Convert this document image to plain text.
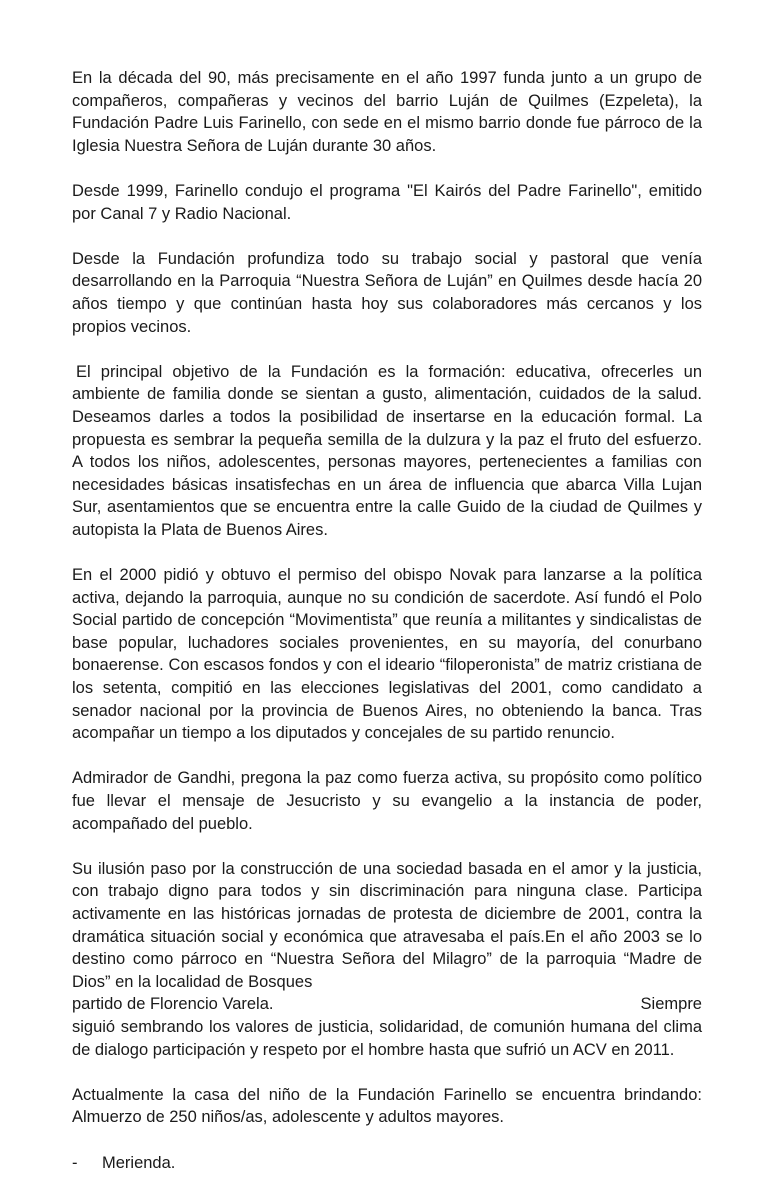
En la década del 90, más precisamente en el año 1997 funda junto a un grupo de compañeros, compañeras y vecinos del barrio Luján de Quilmes (Ezpeleta), la Fundación Padre Luis Farinello, con sede en el mismo barrio donde fue párroco de la Iglesia Nuestra Señora de Luján durante 30 años.

Desde 1999, Farinello condujo el programa "El Kairós del Padre Farinello", emitido por Canal 7 y Radio Nacional.

Desde la Fundación profundiza todo su trabajo social y pastoral que venía desarrollando en la Parroquia “Nuestra Señora de Luján” en Quilmes desde hacía 20 años tiempo y que continúan hasta hoy sus colaboradores más cercanos y los propios vecinos.

El principal objetivo de la Fundación es la formación: educativa, ofrecerles un ambiente de familia donde se sientan a gusto, alimentación, cuidados de la salud. Deseamos darles a todos la posibilidad de insertarse en la educación formal. La propuesta es sembrar la pequeña semilla de la dulzura y la paz el fruto del esfuerzo. A todos los niños, adolescentes, personas mayores, pertenecientes a familias con necesidades básicas insatisfechas en un área de influencia que abarca Villa Lujan Sur, asentamientos que se encuentra entre la calle Guido de la ciudad de Quilmes y autopista la Plata de Buenos Aires.

En el 2000 pidió y obtuvo el permiso del obispo Novak para lanzarse a la política activa, dejando la parroquia, aunque no su condición de sacerdote. Así fundó el Polo Social partido de concepción “Movimentista” que reunía a militantes y sindicalistas de base popular, luchadores sociales provenientes, en su mayoría, del conurbano bonaerense. Con escasos fondos y con el ideario “filoperonista” de matriz cristiana de los setenta, compitió en las elecciones legislativas del 2001, como candidato a senador nacional por la provincia de Buenos Aires, no obteniendo la banca. Tras acompañar un tiempo a los diputados y concejales de su partido renuncio.

Admirador de Gandhi, pregona la paz como fuerza activa, su propósito como político fue llevar el mensaje de Jesucristo y su evangelio a la instancia de poder, acompañado del pueblo.

Su ilusión paso por la construcción de una sociedad basada en el amor y la justicia, con trabajo digno para todos y sin discriminación para ninguna clase. Participa activamente en las históricas jornadas de protesta de diciembre de 2001, contra la dramática situación social y económica que atravesaba el país.En el año 2003 se lo destino como párroco en “Nuestra Señora del Milagro” de la parroquia “Madre de Dios” en la localidad de Bosques
partido de Florencio Varela.	Siempre
siguió sembrando los valores de justicia, solidaridad, de comunión humana del clima de dialogo participación y respeto por el hombre hasta que sufrió un ACV en 2011.

Actualmente la casa del niño de la Fundación Farinello se encuentra brindando: Almuerzo de 250 niños/as, adolescente y adultos mayores.

-	Merienda.
